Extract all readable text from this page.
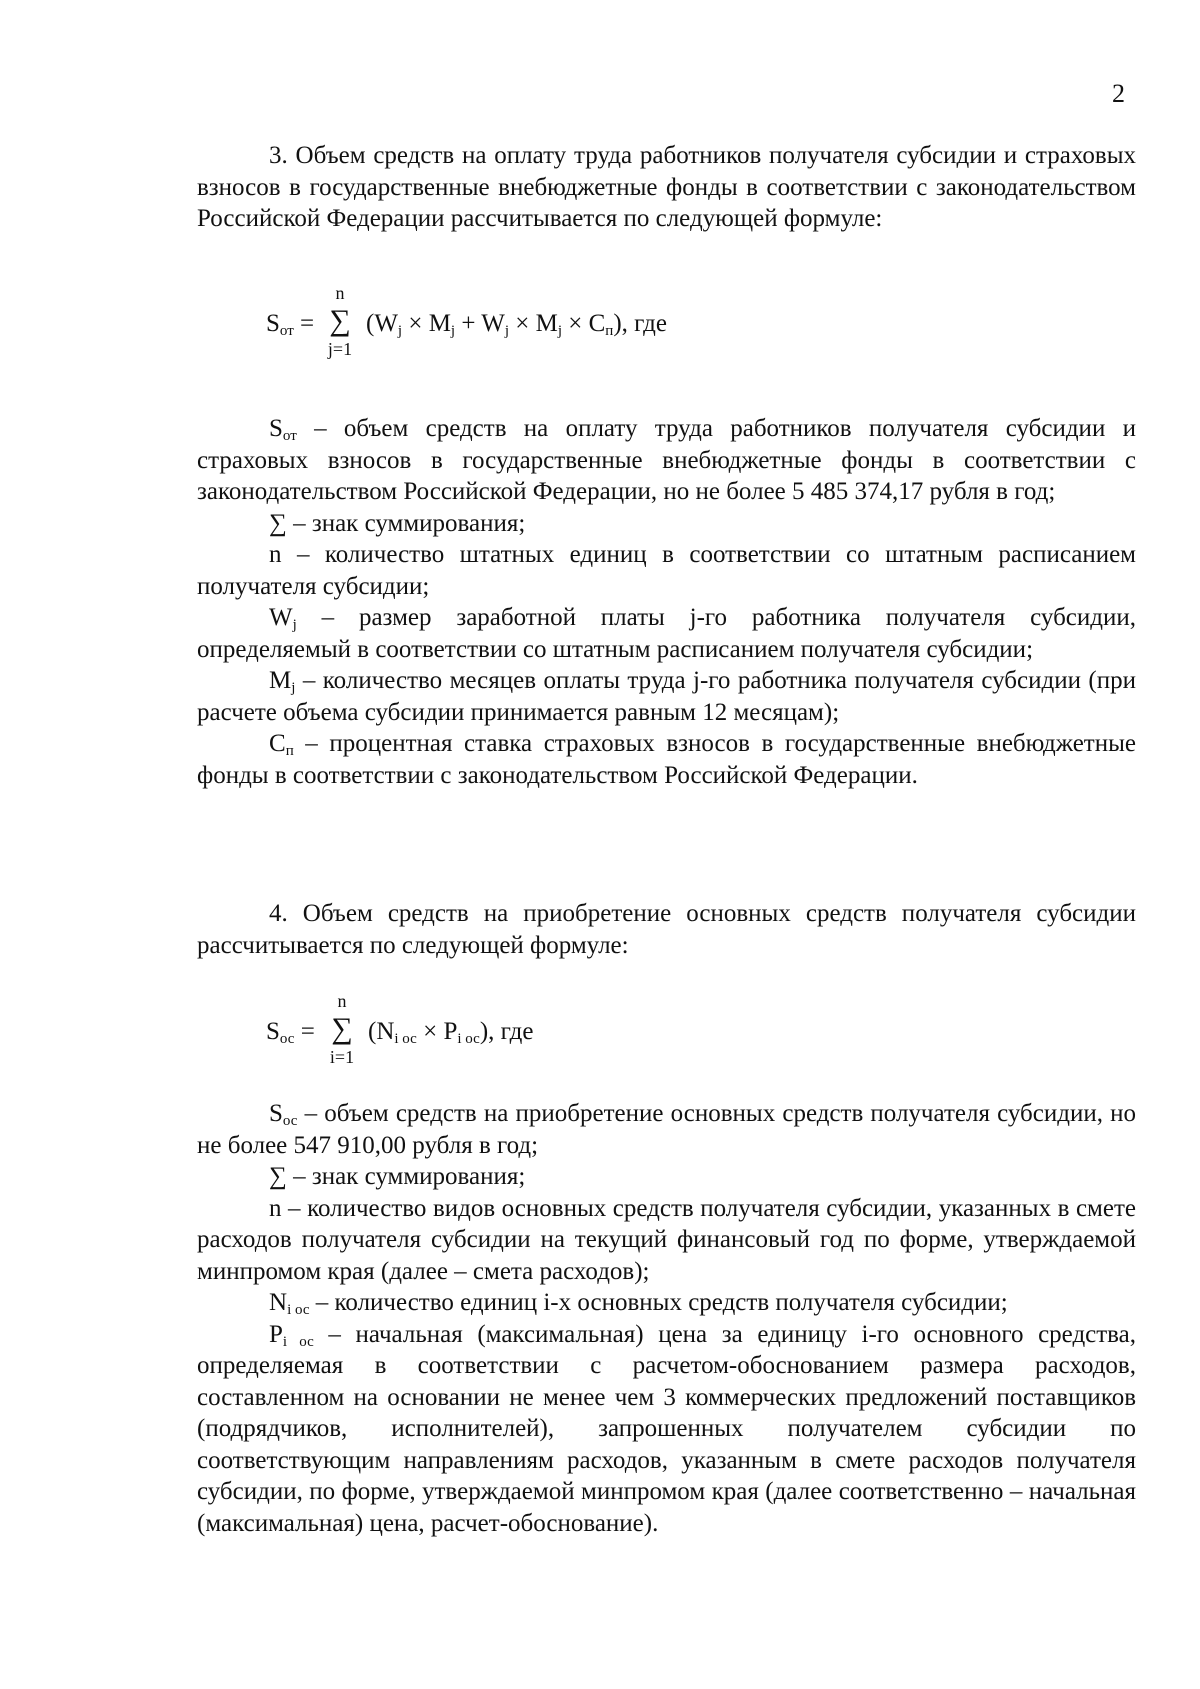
2

3. Объем средств на оплату труда работников получателя субсидии и страховых взносов в государственные внебюджетные фонды в соответствии с законодательством Российской Федерации рассчитывается по следующей формуле:

$S_{от}$ =
n
∑
j=1
$(W_j \times M_j + W_j \times M_j \times C_п)$, где

$S_{от}$ – объем средств на оплату труда работников получателя субсидии и страховых взносов в государственные внебюджетные фонды в соответствии с законодательством Российской Федерации, но не более 5 485 374,17 рубля в год;

∑ – знак суммирования;

n – количество штатных единиц в соответствии со штатным расписанием получателя субсидии;

$W_j$ – размер заработной платы j-го работника получателя субсидии, определяемый в соответствии со штатным расписанием получателя субсидии;

$M_j$ – количество месяцев оплаты труда j-го работника получателя субсидии (при расчете объема субсидии принимается равным 12 месяцам);

$C_п$ – процентная ставка страховых взносов в государственные внебюджетные фонды в соответствии с законодательством Российской Федерации.

4. Объем средств на приобретение основных средств получателя субсидии рассчитывается по следующей формуле:

$S_{ос}$ =
n
∑
i=1
$(N_{i ос} \times P_{i ос})$, где

$S_{ос}$ – объем средств на приобретение основных средств получателя субсидии, но не более 547 910,00 рубля в год;

∑ – знак суммирования;

n – количество видов основных средств получателя субсидии, указанных в смете расходов получателя субсидии на текущий финансовый год по форме, утверждаемой минпромом края (далее – смета расходов);

$N_{i ос}$ – количество единиц i-х основных средств получателя субсидии;

$P_{i ос}$ – начальная (максимальная) цена за единицу i-го основного средства, определяемая в соответствии с расчетом-обоснованием размера расходов, составленном на основании не менее чем 3 коммерческих предложений поставщиков (подрядчиков, исполнителей), запрошенных получателем субсидии по соответствующим направлениям расходов, указанным в смете расходов получателя субсидии, по форме, утверждаемой минпромом края (далее соответственно – начальная (максимальная) цена, расчет-обоснование).
